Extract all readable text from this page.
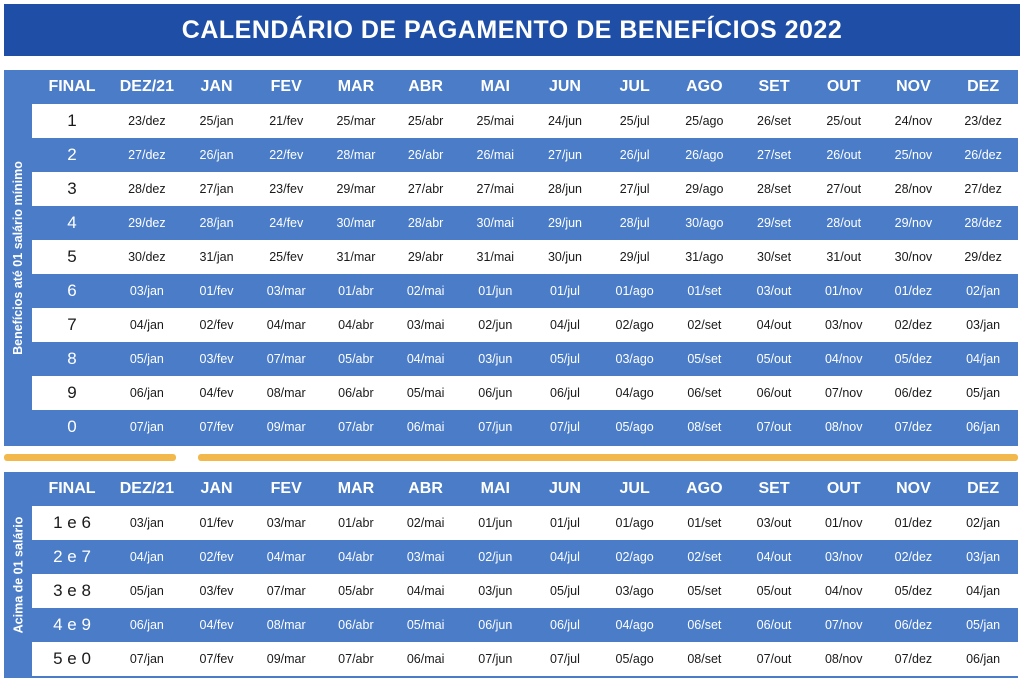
CALENDÁRIO DE PAGAMENTO DE BENEFÍCIOS 2022
Benefícios até 01 salário mínimo
FINAL	DEZ/21	JAN	FEV	MAR	ABR	MAI	JUN	JUL	AGO	SET	OUT	NOV	DEZ
1	23/dez	25/jan	21/fev	25/mar	25/abr	25/mai	24/jun	25/jul	25/ago	26/set	25/out	24/nov	23/dez
2	27/dez	26/jan	22/fev	28/mar	26/abr	26/mai	27/jun	26/jul	26/ago	27/set	26/out	25/nov	26/dez
3	28/dez	27/jan	23/fev	29/mar	27/abr	27/mai	28/jun	27/jul	29/ago	28/set	27/out	28/nov	27/dez
4	29/dez	28/jan	24/fev	30/mar	28/abr	30/mai	29/jun	28/jul	30/ago	29/set	28/out	29/nov	28/dez
5	30/dez	31/jan	25/fev	31/mar	29/abr	31/mai	30/jun	29/jul	31/ago	30/set	31/out	30/nov	29/dez
6	03/jan	01/fev	03/mar	01/abr	02/mai	01/jun	01/jul	01/ago	01/set	03/out	01/nov	01/dez	02/jan
7	04/jan	02/fev	04/mar	04/abr	03/mai	02/jun	04/jul	02/ago	02/set	04/out	03/nov	02/dez	03/jan
8	05/jan	03/fev	07/mar	05/abr	04/mai	03/jun	05/jul	03/ago	05/set	05/out	04/nov	05/dez	04/jan
9	06/jan	04/fev	08/mar	06/abr	05/mai	06/jun	06/jul	04/ago	06/set	06/out	07/nov	06/dez	05/jan
0	07/jan	07/fev	09/mar	07/abr	06/mai	07/jun	07/jul	05/ago	08/set	07/out	08/nov	07/dez	06/jan
Acima de 01 salário
FINAL	DEZ/21	JAN	FEV	MAR	ABR	MAI	JUN	JUL	AGO	SET	OUT	NOV	DEZ
1 e 6	03/jan	01/fev	03/mar	01/abr	02/mai	01/jun	01/jul	01/ago	01/set	03/out	01/nov	01/dez	02/jan
2 e 7	04/jan	02/fev	04/mar	04/abr	03/mai	02/jun	04/jul	02/ago	02/set	04/out	03/nov	02/dez	03/jan
3 e 8	05/jan	03/fev	07/mar	05/abr	04/mai	03/jun	05/jul	03/ago	05/set	05/out	04/nov	05/dez	04/jan
4 e 9	06/jan	04/fev	08/mar	06/abr	05/mai	06/jun	06/jul	04/ago	06/set	06/out	07/nov	06/dez	05/jan
5 e 0	07/jan	07/fev	09/mar	07/abr	06/mai	07/jun	07/jul	05/ago	08/set	07/out	08/nov	07/dez	06/jan
